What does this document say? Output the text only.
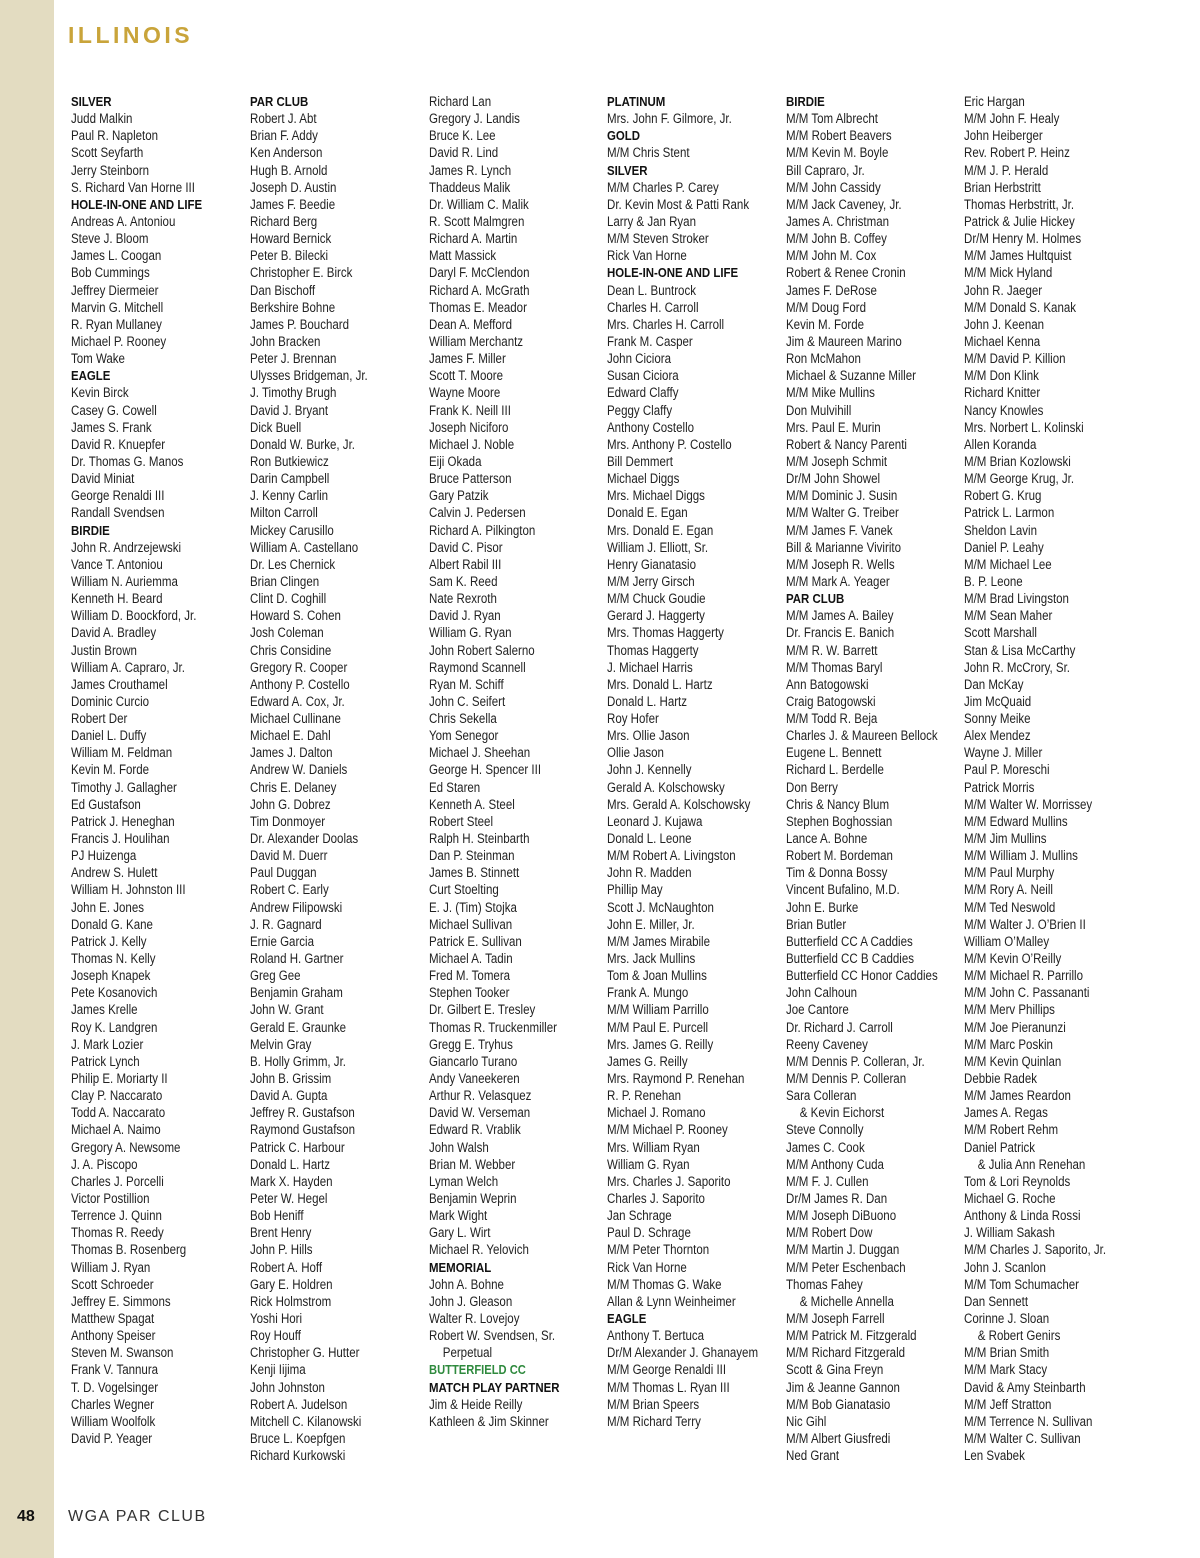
ILLINOIS
SILVER
Judd Malkin
Paul R. Napleton
Scott Seyfarth
Jerry Steinborn
S. Richard Van Horne III
HOLE-IN-ONE AND LIFE
Andreas A. Antoniou
Steve J. Bloom
James L. Coogan
Bob Cummings
Jeffrey Diermeier
Marvin G. Mitchell
R. Ryan Mullaney
Michael P. Rooney
Tom Wake
EAGLE
Kevin Birck
Casey G. Cowell
James S. Frank
David R. Knuepfer
Dr. Thomas G. Manos
David Miniat
George Renaldi III
Randall Svendsen
BIRDIE
John R. Andrzejewski
Vance T. Antoniou
William N. Auriemma
Kenneth H. Beard
William D. Boockford, Jr.
David A. Bradley
Justin Brown
William A. Capraro, Jr.
James Crouthamel
Dominic Curcio
Robert Der
Daniel L. Duffy
William M. Feldman
Kevin M. Forde
Timothy J. Gallagher
Ed Gustafson
Patrick J. Heneghan
Francis J. Houlihan
PJ Huizenga
Andrew S. Hulett
William H. Johnston III
John E. Jones
Donald G. Kane
Patrick J. Kelly
Thomas N. Kelly
Joseph Knapek
Pete Kosanovich
James Krelle
Roy K. Landgren
J. Mark Lozier
Patrick Lynch
Philip E. Moriarty II
Clay P. Naccarato
Todd A. Naccarato
Michael A. Naimo
Gregory A. Newsome
J. A. Piscopo
Charles J. Porcelli
Victor Postillion
Terrence J. Quinn
Thomas R. Reedy
Thomas B. Rosenberg
William J. Ryan
Scott Schroeder
Jeffrey E. Simmons
Matthew Spagat
Anthony Speiser
Steven M. Swanson
Frank V. Tannura
T. D. Vogelsinger
Charles Wegner
William Woolfolk
David P. Yeager
PAR CLUB
Robert J. Abt
Brian F. Addy
Ken Anderson
Hugh B. Arnold
Joseph D. Austin
James F. Beedie
Richard Berg
Howard Bernick
Peter B. Bilecki
Christopher E. Birck
Dan Bischoff
Berkshire Bohne
James P. Bouchard
John Bracken
Peter J. Brennan
Ulysses Bridgeman, Jr.
J. Timothy Brugh
David J. Bryant
Dick Buell
Donald W. Burke, Jr.
Ron Butkiewicz
Darin Campbell
J. Kenny Carlin
Milton Carroll
Mickey Carusillo
William A. Castellano
Dr. Les Chernick
Brian Clingen
Clint D. Coghill
Howard S. Cohen
Josh Coleman
Chris Considine
Gregory R. Cooper
Anthony P. Costello
Edward A. Cox, Jr.
Michael Cullinane
Michael E. Dahl
James J. Dalton
Andrew W. Daniels
Chris E. Delaney
John G. Dobrez
Tim Donmoyer
Dr. Alexander Doolas
David M. Duerr
Paul Duggan
Robert C. Early
Andrew Filipowski
J. R. Gagnard
Ernie Garcia
Roland H. Gartner
Greg Gee
Benjamin Graham
John W. Grant
Gerald E. Graunke
Melvin Gray
B. Holly Grimm, Jr.
John B. Grissim
David A. Gupta
Jeffrey R. Gustafson
Raymond Gustafson
Patrick C. Harbour
Donald L. Hartz
Mark X. Hayden
Peter W. Hegel
Bob Heniff
Brent Henry
John P. Hills
Robert A. Hoff
Gary E. Holdren
Rick Holmstrom
Yoshi Hori
Roy Houff
Christopher G. Hutter
Kenji Iijima
John Johnston
Robert A. Judelson
Mitchell C. Kilanowski
Bruce L. Koepfgen
Richard Kurkowski
Richard Lan
Gregory J. Landis
Bruce K. Lee
David R. Lind
James R. Lynch
Thaddeus Malik
Dr. William C. Malik
R. Scott Malmgren
Richard A. Martin
Matt Massick
Daryl F. McClendon
Richard A. McGrath
Thomas E. Meador
Dean A. Mefford
William Merchantz
James F. Miller
Scott T. Moore
Wayne Moore
Frank K. Neill III
Joseph Niciforo
Michael J. Noble
Eiji Okada
Bruce Patterson
Gary Patzik
Calvin J. Pedersen
Richard A. Pilkington
David C. Pisor
Albert Rabil III
Sam K. Reed
Nate Rexroth
David J. Ryan
William G. Ryan
John Robert Salerno
Raymond Scannell
Ryan M. Schiff
John C. Seifert
Chris Sekella
Yom Senegor
Michael J. Sheehan
George H. Spencer III
Ed Staren
Kenneth A. Steel
Robert Steel
Ralph H. Steinbarth
Dan P. Steinman
James B. Stinnett
Curt Stoelting
E. J. (Tim) Stojka
Michael Sullivan
Patrick E. Sullivan
Michael A. Tadin
Fred M. Tomera
Stephen Tooker
Dr. Gilbert E. Tresley
Thomas R. Truckenmiller
Gregg E. Tryhus
Giancarlo Turano
Andy Vaneekeren
Arthur R. Velasquez
David W. Verseman
Edward R. Vrablik
John Walsh
Brian M. Webber
Lyman Welch
Benjamin Weprin
Mark Wight
Gary L. Wirt
Michael R. Yelovich
MEMORIAL
John A. Bohne
John J. Gleason
Walter R. Lovejoy
Robert W. Svendsen, Sr.
Perpetual
BUTTERFIELD CC
MATCH PLAY PARTNER
Jim & Heide Reilly
Kathleen & Jim Skinner
PLATINUM
Mrs. John F. Gilmore, Jr.
GOLD
M/M Chris Stent
SILVER
M/M Charles P. Carey
Dr. Kevin Most & Patti Rank
Larry & Jan Ryan
M/M Steven Stroker
Rick Van Horne
HOLE-IN-ONE AND LIFE
Dean L. Buntrock
Charles H. Carroll
Mrs. Charles H. Carroll
Frank M. Casper
John Ciciora
Susan Ciciora
Edward Claffy
Peggy Claffy
Anthony Costello
Mrs. Anthony P. Costello
Bill Demmert
Michael Diggs
Mrs. Michael Diggs
Donald E. Egan
Mrs. Donald E. Egan
William J. Elliott, Sr.
Henry Gianatasio
M/M Jerry Girsch
M/M Chuck Goudie
Gerard J. Haggerty
Mrs. Thomas Haggerty
Thomas Haggerty
J. Michael Harris
Mrs. Donald L. Hartz
Donald L. Hartz
Roy Hofer
Mrs. Ollie Jason
Ollie Jason
John J. Kennelly
Gerald A. Kolschowsky
Mrs. Gerald A. Kolschowsky
Leonard J. Kujawa
Donald L. Leone
M/M Robert A. Livingston
John R. Madden
Phillip May
Scott J. McNaughton
John E. Miller, Jr.
M/M James Mirabile
Mrs. Jack Mullins
Tom & Joan Mullins
Frank A. Mungo
M/M William Parrillo
M/M Paul E. Purcell
Mrs. James G. Reilly
James G. Reilly
Mrs. Raymond P. Renehan
R. P. Renehan
Michael J. Romano
M/M Michael P. Rooney
Mrs. William Ryan
William G. Ryan
Mrs. Charles J. Saporito
Charles J. Saporito
Jan Schrage
Paul D. Schrage
M/M Peter Thornton
Rick Van Horne
M/M Thomas G. Wake
Allan & Lynn Weinheimer
EAGLE
Anthony T. Bertuca
Dr/M Alexander J. Ghanayem
M/M George Renaldi III
M/M Thomas L. Ryan III
M/M Brian Speers
M/M Richard Terry
BIRDIE
M/M Tom Albrecht
M/M Robert Beavers
M/M Kevin M. Boyle
Bill Capraro, Jr.
M/M John Cassidy
M/M Jack Caveney, Jr.
James A. Christman
M/M John B. Coffey
M/M John M. Cox
Robert & Renee Cronin
James F. DeRose
M/M Doug Ford
Kevin M. Forde
Jim & Maureen Marino
Ron McMahon
Michael & Suzanne Miller
M/M Mike Mullins
Don Mulvihill
Mrs. Paul E. Murin
Robert & Nancy Parenti
M/M Joseph Schmit
Dr/M John Showel
M/M Dominic J. Susin
M/M Walter G. Treiber
M/M James F. Vanek
Bill & Marianne Vivirito
M/M Joseph R. Wells
M/M Mark A. Yeager
PAR CLUB
M/M James A. Bailey
Dr. Francis E. Banich
M/M R. W. Barrett
M/M Thomas Baryl
Ann Batogowski
Craig Batogowski
M/M Todd R. Beja
Charles J. & Maureen Bellock
Eugene L. Bennett
Richard L. Berdelle
Don Berry
Chris & Nancy Blum
Stephen Boghossian
Lance A. Bohne
Robert M. Bordeman
Tim & Donna Bossy
Vincent Bufalino, M.D.
John E. Burke
Brian Butler
Butterfield CC A Caddies
Butterfield CC B Caddies
Butterfield CC Honor Caddies
John Calhoun
Joe Cantore
Dr. Richard J. Carroll
Reeny Caveney
M/M Dennis P. Colleran, Jr.
M/M Dennis P. Colleran
Sara Colleran
& Kevin Eichorst
Steve Connolly
James C. Cook
M/M Anthony Cuda
M/M F. J. Cullen
Dr/M James R. Dan
M/M Joseph DiBuono
M/M Robert Dow
M/M Martin J. Duggan
M/M Peter Eschenbach
Thomas Fahey
& Michelle Annella
M/M Joseph Farrell
M/M Patrick M. Fitzgerald
M/M Richard Fitzgerald
Scott & Gina Freyn
Jim & Jeanne Gannon
M/M Bob Gianatasio
Nic Gihl
M/M Albert Giusfredi
Ned Grant
Eric Hargan
M/M John F. Healy
John Heiberger
Rev. Robert P. Heinz
M/M J. P. Herald
Brian Herbstritt
Thomas Herbstritt, Jr.
Patrick & Julie Hickey
Dr/M Henry M. Holmes
M/M James Hultquist
M/M Mick Hyland
John R. Jaeger
M/M Donald S. Kanak
John J. Keenan
Michael Kenna
M/M David P. Killion
M/M Don Klink
Richard Knitter
Nancy Knowles
Mrs. Norbert L. Kolinski
Allen Koranda
M/M Brian Kozlowski
M/M George Krug, Jr.
Robert G. Krug
Patrick L. Larmon
Sheldon Lavin
Daniel P. Leahy
M/M Michael Lee
B. P. Leone
M/M Brad Livingston
M/M Sean Maher
Scott Marshall
Stan & Lisa McCarthy
John R. McCrory, Sr.
Dan McKay
Jim McQuaid
Sonny Meike
Alex Mendez
Wayne J. Miller
Paul P. Moreschi
Patrick Morris
M/M Walter W. Morrissey
M/M Edward Mullins
M/M Jim Mullins
M/M William J. Mullins
M/M Paul Murphy
M/M Rory A. Neill
M/M Ted Neswold
M/M Walter J. O’Brien II
William O’Malley
M/M Kevin O’Reilly
M/M Michael R. Parrillo
M/M John C. Passananti
M/M Merv Phillips
M/M Joe Pieranunzi
M/M Marc Poskin
M/M Kevin Quinlan
Debbie Radek
M/M James Reardon
James A. Regas
M/M Robert Rehm
Daniel Patrick
& Julia Ann Renehan
Tom & Lori Reynolds
Michael G. Roche
Anthony & Linda Rossi
J. William Sakash
M/M Charles J. Saporito, Jr.
John J. Scanlon
M/M Tom Schumacher
Dan Sennett
Corinne J. Sloan
& Robert Genirs
M/M Brian Smith
M/M Mark Stacy
David & Amy Steinbarth
M/M Jeff Stratton
M/M Terrence N. Sullivan
M/M Walter C. Sullivan
Len Svabek
48 WGA PAR CLUB
